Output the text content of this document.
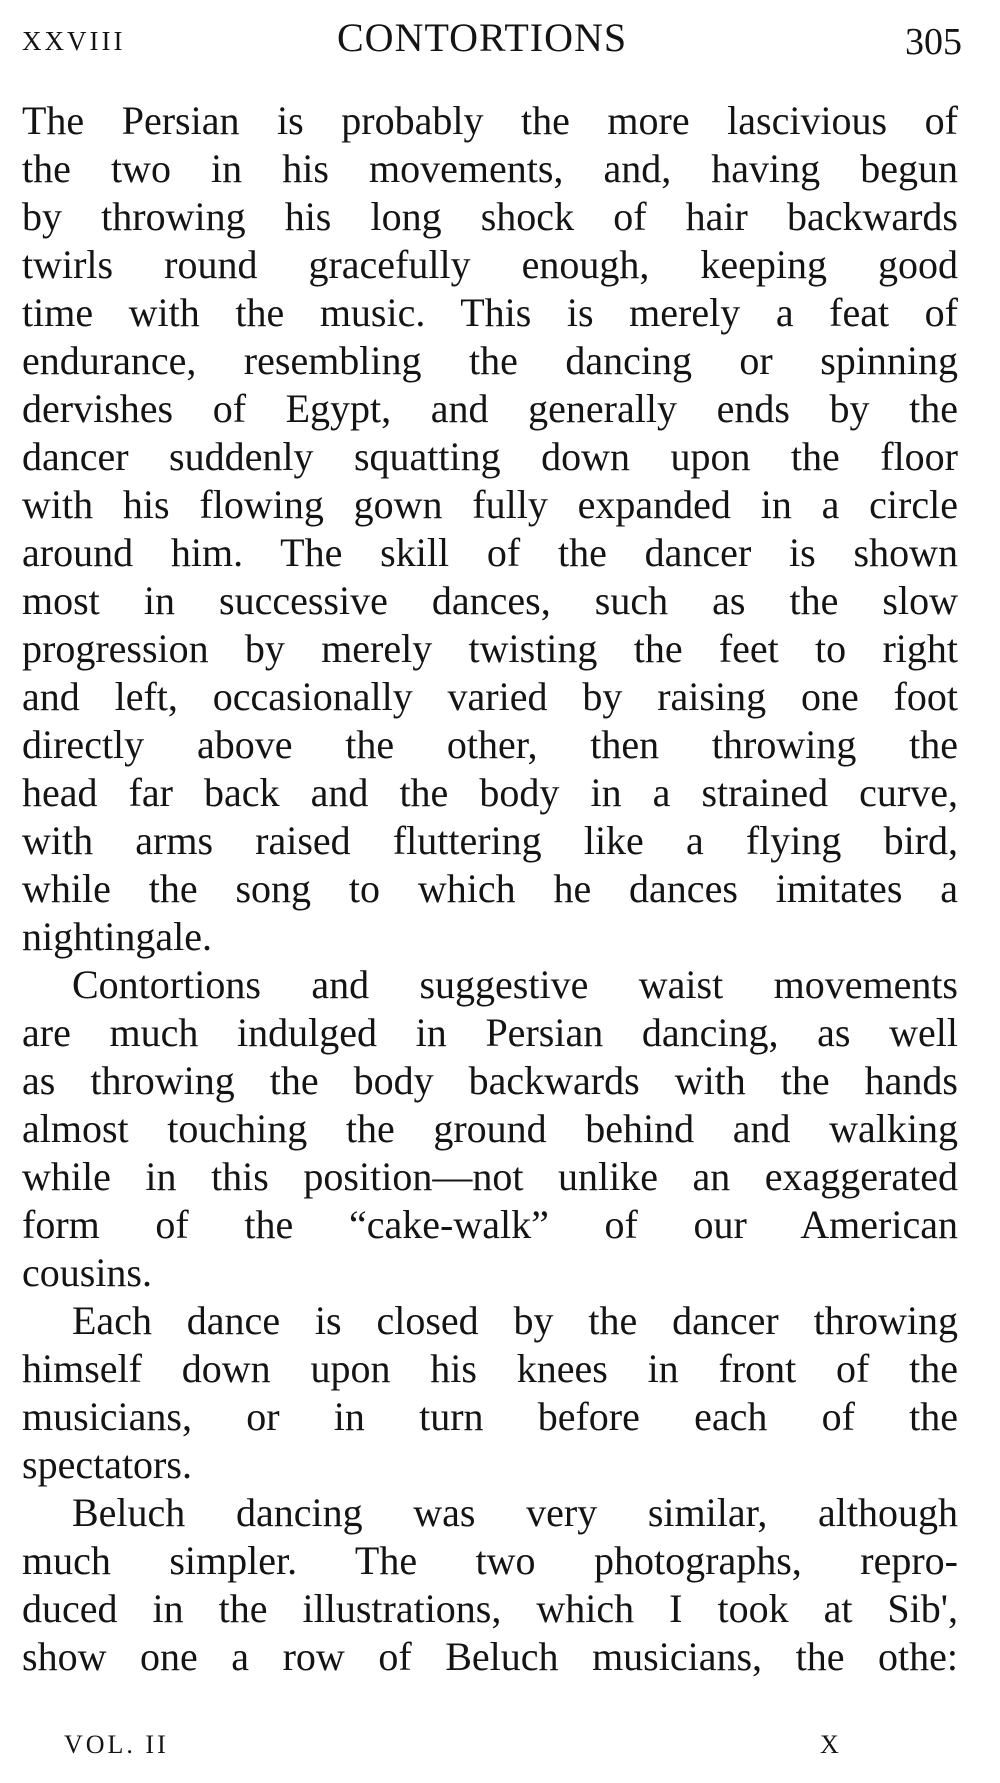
XXVIII	CONTORTIONS	305
The Persian is probably the more lascivious of
the two in his movements, and, having begun
by throwing his long shock of hair backwards
twirls round gracefully enough, keeping good
time with the music. This is merely a feat of
endurance, resembling the dancing or spinning
dervishes of Egypt, and generally ends by the
dancer suddenly squatting down upon the floor
with his flowing gown fully expanded in a circle
around him. The skill of the dancer is shown
most in successive dances, such as the slow
progression by merely twisting the feet to right
and left, occasionally varied by raising one foot
directly above the other, then throwing the
head far back and the body in a strained curve,
with arms raised fluttering like a flying bird,
while the song to which he dances imitates a
nightingale.
Contortions and suggestive waist movements
are much indulged in Persian dancing, as well
as throwing the body backwards with the hands
almost touching the ground behind and walking
while in this position—not unlike an exaggerated
form of the “cake-walk” of our American
cousins.
Each dance is closed by the dancer throwing
himself down upon his knees in front of the
musicians, or in turn before each of the
spectators.
Beluch dancing was very similar, although
much simpler. The two photographs, repro-
duced in the illustrations, which I took at Sib',
show one a row of Beluch musicians, the othe:
VOL. II	X
